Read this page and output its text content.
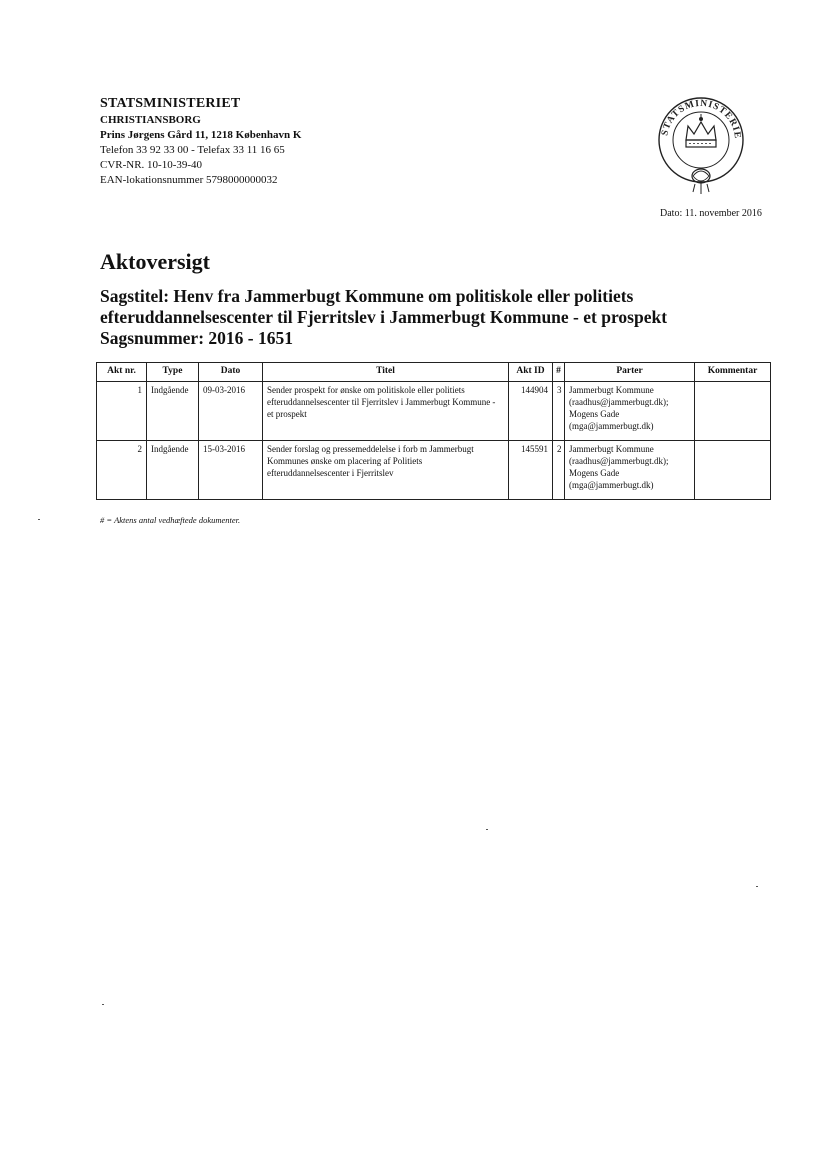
STATSMINISTERIET
CHRISTIANSBORG
Prins Jørgens Gård 11, 1218 København K
Telefon 33 92 33 00 - Telefax 33 11 16 65
CVR-NR. 10-10-39-40
EAN-lokationsnummer 5798000000032
STATSMINISTERIE
Dato: 11. november 2016
Aktoversigt
Sagstitel: Henv fra Jammerbugt Kommune om politiskole eller politiets efteruddannelsescenter til Fjerritslev i Jammerbugt Kommune - et prospekt
Sagsnummer: 2016 - 1651
Akt nr.	Type	Dato	Titel	Akt ID	#	Parter	Kommentar
1	Indgående	09-03-2016	Sender prospekt for ønske om politiskole eller politiets efteruddannelsescenter til Fjerritslev i Jammerbugt Kommune - et prospekt	144904	3	Jammerbugt Kommune
(raadhus@jammerbugt.dk);
Mogens Gade
(mga@jammerbugt.dk)	

2	Indgående	15-03-2016	Sender forslag og pressemeddelelse i forb m Jammerbugt Kommunes ønske om placering af Politiets efteruddannelsescenter i Fjerritslev	145591	2	Jammerbugt Kommune
(raadhus@jammerbugt.dk);
Mogens Gade
(mga@jammerbugt.dk)	

# = Aktens antal vedhæftede dokumenter.
